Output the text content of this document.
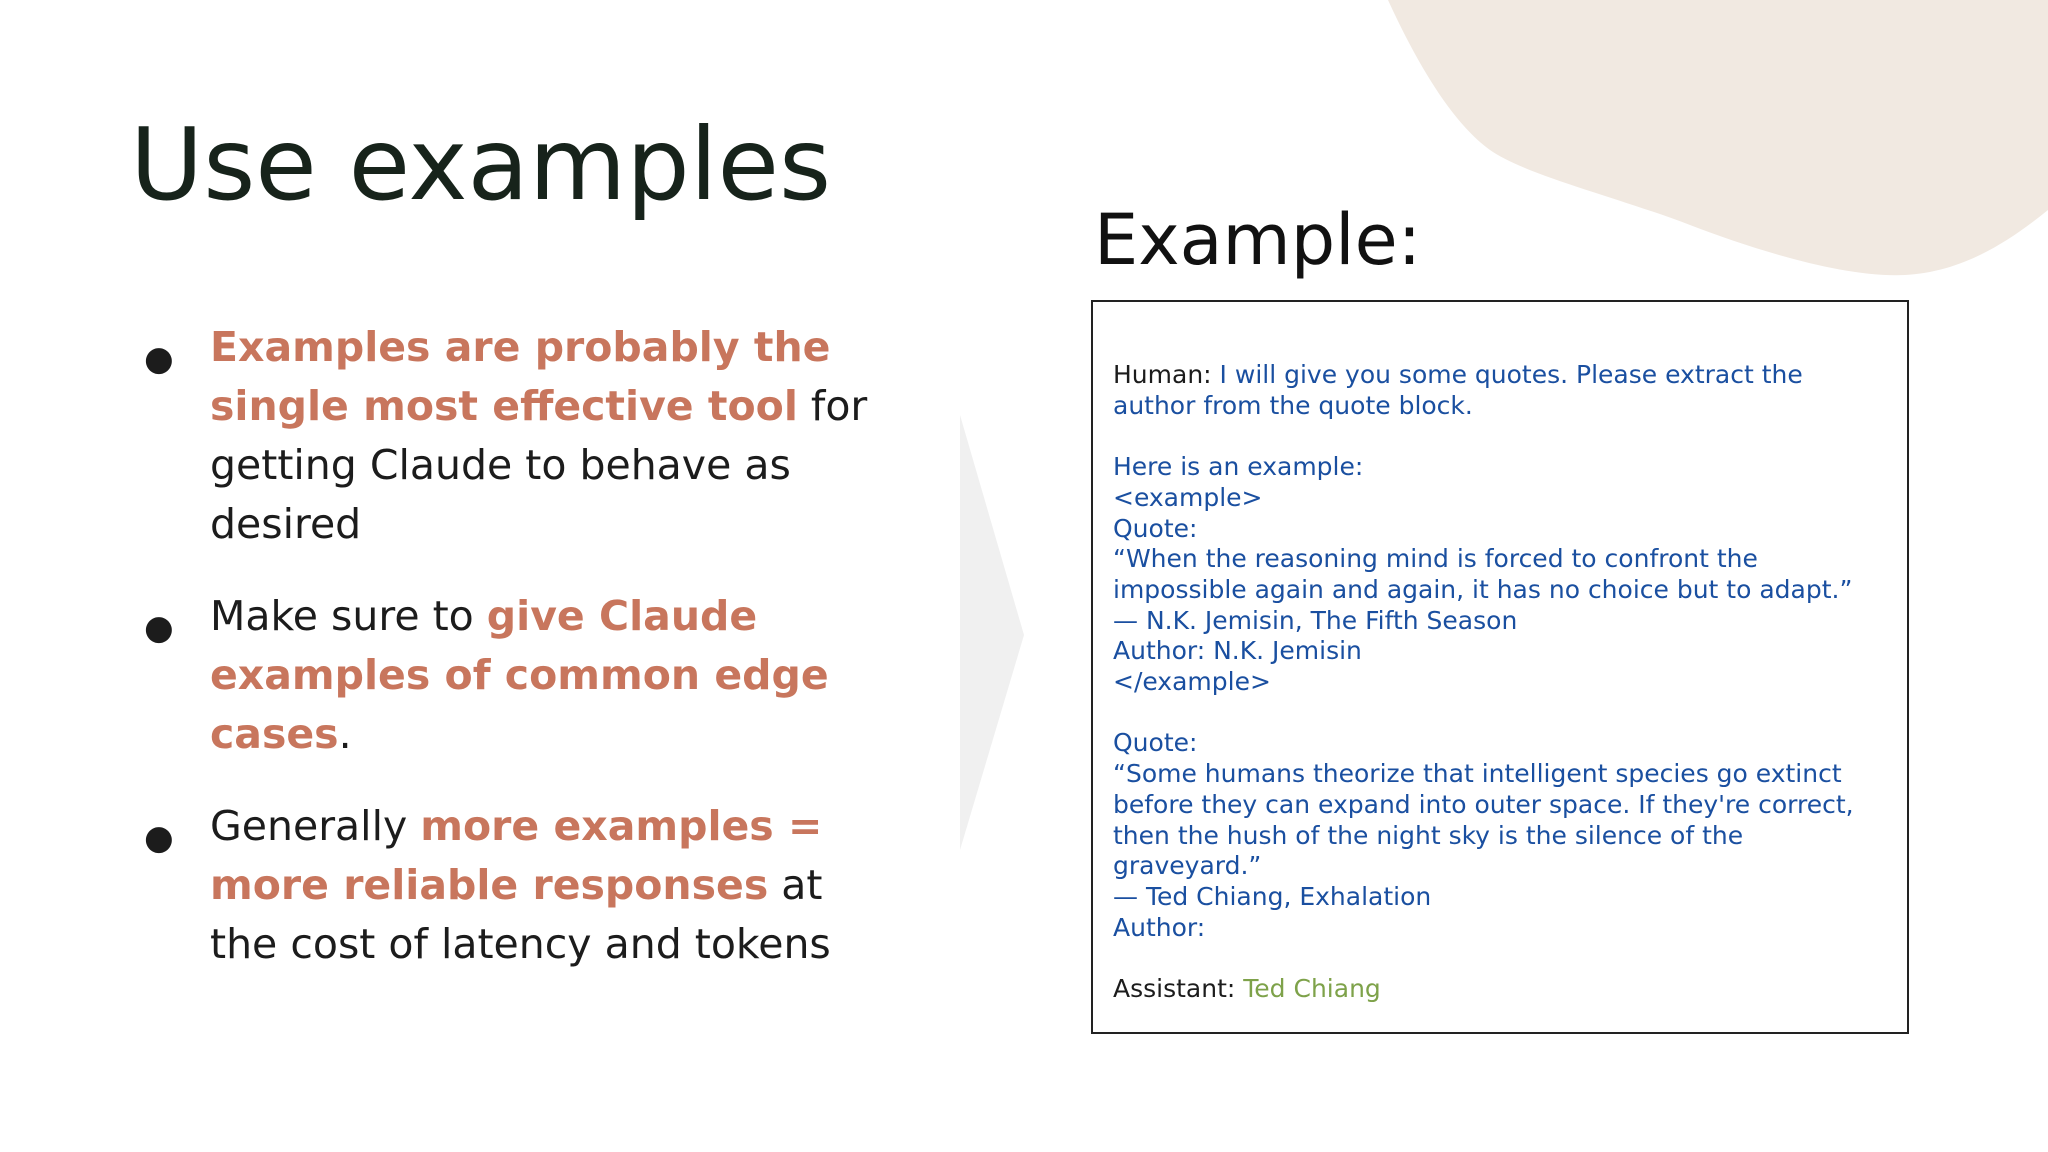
Use examples
● Examples are probably the single most effective tool for getting Claude to behave as desired
● Make sure to give Claude examples of common edge cases.
● Generally more examples = more reliable responses at the cost of latency and tokens
Example:
Human: I will give you some quotes. Please extract the
author from the quote block.
Here is an example:
<example>
Quote:
“When the reasoning mind is forced to confront the
impossible again and again, it has no choice but to adapt.”
— N.K. Jemisin, The Fifth Season
Author: N.K. Jemisin
</example>
Quote:
“Some humans theorize that intelligent species go extinct
before they can expand into outer space. If they're correct,
then the hush of the night sky is the silence of the
graveyard.”
— Ted Chiang, Exhalation
Author:
Assistant: Ted Chiang
